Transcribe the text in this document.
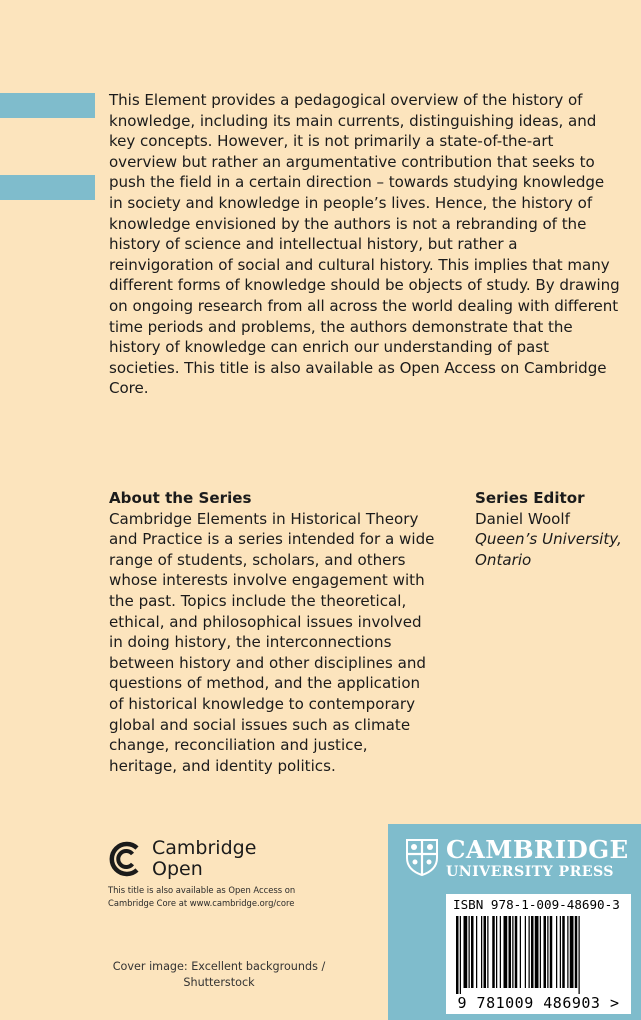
This Element provides a pedagogical overview of the history of knowledge, including its main currents, distinguishing ideas, and key concepts. However, it is not primarily a state-of-the-art overview but rather an argumentative contribution that seeks to push the field in a certain direction – towards studying knowledge in society and knowledge in people’s lives. Hence, the history of knowledge envisioned by the authors is not a rebranding of the history of science and intellectual history, but rather a reinvigoration of social and cultural history. This implies that many different forms of knowledge should be objects of study. By drawing on ongoing research from all across the world dealing with different time periods and problems, the authors demonstrate that the history of knowledge can enrich our understanding of past societies. This title is also available as Open Access on Cambridge Core.

About the Series

Cambridge Elements in Historical Theory and Practice is a series intended for a wide range of students, scholars, and others whose interests involve engagement with the past. Topics include the theoretical, ethical, and philosophical issues involved in doing history, the interconnections between history and other disciplines and questions of method, and the application of historical knowledge to contemporary global and social issues such as climate change, reconciliation and justice, heritage, and identity politics.

Series Editor

Daniel Woolf

Queen’s University, Ontario

Cambridge
Open
This title is also available as Open Access on Cambridge Core at www.cambridge.org/core
Cover image: Excellent backgrounds / Shutterstock
CAMBRIDGE
UNIVERSITY PRESS
ISBN 978-1-009-48690-3
9 781009 486903 >
